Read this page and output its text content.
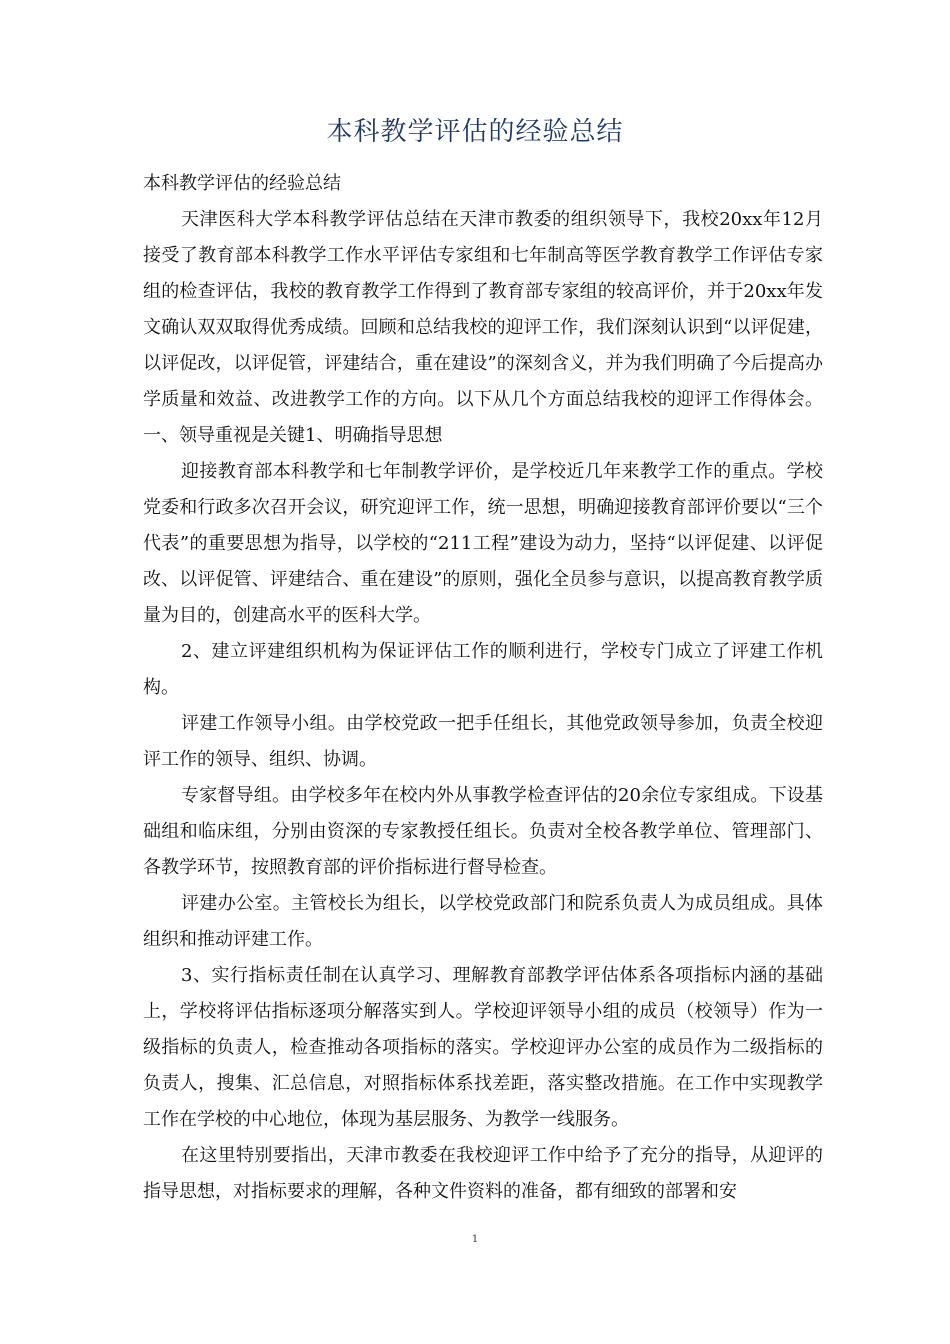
本科教学评估的经验总结

本科教学评估的经验总结

天津医科大学本科教学评估总结在天津市教委的组织领导下，我校20xx年12月接受了教育部本科教学工作水平评估专家组和七年制高等医学教育教学工作评估专家组的检查评估，我校的教育教学工作得到了教育部专家组的较高评价，并于20xx年发文确认双双取得优秀成绩。回顾和总结我校的迎评工作，我们深刻认识到“以评促建，以评促改，以评促管，评建结合，重在建设”的深刻含义，并为我们明确了今后提高办学质量和效益、改进教学工作的方向。以下从几个方面总结我校的迎评工作得体会。一、领导重视是关键1、明确指导思想

迎接教育部本科教学和七年制教学评价，是学校近几年来教学工作的重点。学校党委和行政多次召开会议，研究迎评工作，统一思想，明确迎接教育部评价要以“三个代表”的重要思想为指导，以学校的“211工程”建设为动力，坚持“以评促建、以评促改、以评促管、评建结合、重在建设”的原则，强化全员参与意识，以提高教育教学质量为目的，创建高水平的医科大学。

2、建立评建组织机构为保证评估工作的顺利进行，学校专门成立了评建工作机构。

评建工作领导小组。由学校党政一把手任组长，其他党政领导参加，负责全校迎评工作的领导、组织、协调。

专家督导组。由学校多年在校内外从事教学检查评估的20余位专家组成。下设基础组和临床组，分别由资深的专家教授任组长。负责对全校各教学单位、管理部门、各教学环节，按照教育部的评价指标进行督导检查。

评建办公室。主管校长为组长，以学校党政部门和院系负责人为成员组成。具体组织和推动评建工作。

3、实行指标责任制在认真学习、理解教育部教学评估体系各项指标内涵的基础上，学校将评估指标逐项分解落实到人。学校迎评领导小组的成员（校领导）作为一级指标的负责人，检查推动各项指标的落实。学校迎评办公室的成员作为二级指标的负责人，搜集、汇总信息，对照指标体系找差距，落实整改措施。在工作中实现教学工作在学校的中心地位，体现为基层服务、为教学一线服务。

在这里特别要指出，天津市教委在我校迎评工作中给予了充分的指导，从迎评的指导思想，对指标要求的理解，各种文件资料的准备，都有细致的部署和安

1
